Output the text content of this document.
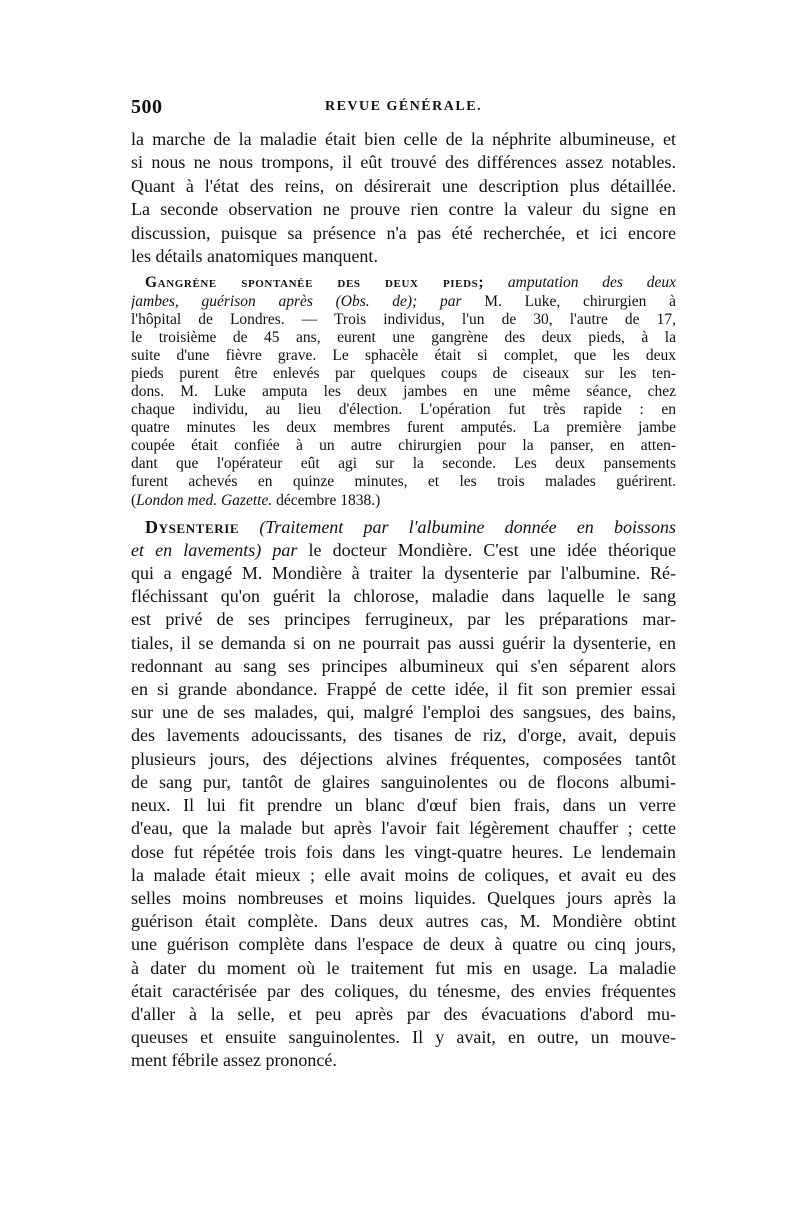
500	REVUE GÉNÉRALE.
la marche de la maladie était bien celle de la néphrite albumineuse, et
si nous ne nous trompons, il eût trouvé des différences assez notables.
Quant à l'état des reins, on désirerait une description plus détaillée.
La seconde observation ne prouve rien contre la valeur du signe en
discussion, puisque sa présence n'a pas été recherchée, et ici encore
les détails anatomiques manquent.
Gangrène spontanée des deux pieds; amputation des deux
jambes, guérison après (Obs. de); par M. Luke, chirurgien à
l'hôpital de Londres. — Trois individus, l'un de 30, l'autre de 17,
le troisième de 45 ans, eurent une gangrène des deux pieds, à la
suite d'une fièvre grave. Le sphacèle était si complet, que les deux
pieds purent être enlevés par quelques coups de ciseaux sur les ten-
dons. M. Luke amputa les deux jambes en une même séance, chez
chaque individu, au lieu d'élection. L'opération fut très rapide : en
quatre minutes les deux membres furent amputés. La première jambe
coupée était confiée à un autre chirurgien pour la panser, en atten-
dant que l'opérateur eût agi sur la seconde. Les deux pansements
furent achevés en quinze minutes, et les trois malades guérirent.
(London med. Gazette. décembre 1838.)
Dysenterie (Traitement par l'albumine donnée en boissons
et en lavements) par le docteur Mondière. C'est une idée théorique
qui a engagé M. Mondière à traiter la dysenterie par l'albumine. Ré-
fléchissant qu'on guérit la chlorose, maladie dans laquelle le sang
est privé de ses principes ferrugineux, par les préparations mar-
tiales, il se demanda si on ne pourrait pas aussi guérir la dysenterie, en
redonnant au sang ses principes albumineux qui s'en séparent alors
en si grande abondance. Frappé de cette idée, il fit son premier essai
sur une de ses malades, qui, malgré l'emploi des sangsues, des bains,
des lavements adoucissants, des tisanes de riz, d'orge, avait, depuis
plusieurs jours, des déjections alvines fréquentes, composées tantôt
de sang pur, tantôt de glaires sanguinolentes ou de flocons albumi-
neux. Il lui fit prendre un blanc d'œuf bien frais, dans un verre
d'eau, que la malade but après l'avoir fait légèrement chauffer ; cette
dose fut répétée trois fois dans les vingt-quatre heures. Le lendemain
la malade était mieux ; elle avait moins de coliques, et avait eu des
selles moins nombreuses et moins liquides. Quelques jours après la
guérison était complète. Dans deux autres cas, M. Mondière obtint
une guérison complète dans l'espace de deux à quatre ou cinq jours,
à dater du moment où le traitement fut mis en usage. La maladie
était caractérisée par des coliques, du ténesme, des envies fréquentes
d'aller à la selle, et peu après par des évacuations d'abord mu-
queuses et ensuite sanguinolentes. Il y avait, en outre, un mouve-
ment fébrile assez prononcé.
